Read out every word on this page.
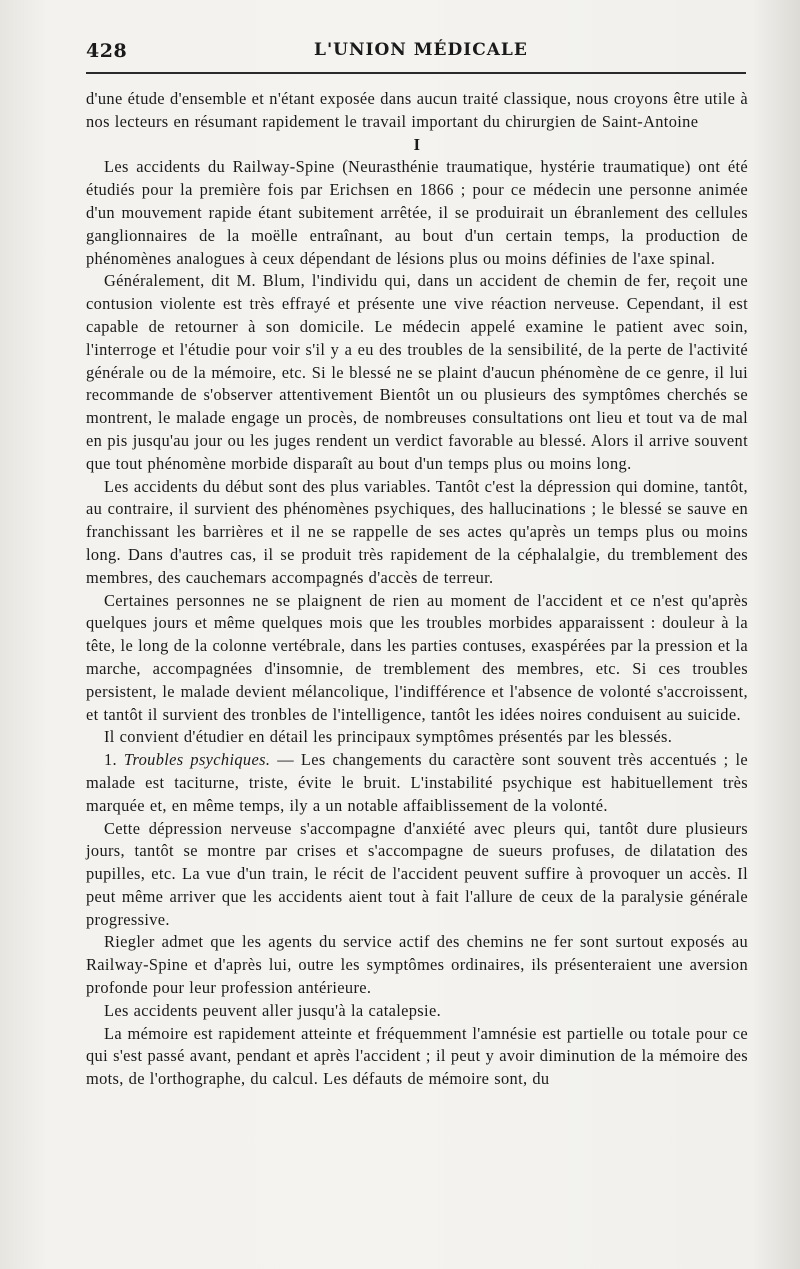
428	L'UNION MÉDICALE

d'une étude d'ensemble et n'étant exposée dans aucun traité classique, nous croyons être utile à nos lecteurs en résumant rapidement le travail important du chirurgien de Saint-Antoine

I

Les accidents du Railway-Spine (Neurasthénie traumatique, hystérie traumatique) ont été étudiés pour la première fois par Erichsen en 1866 ; pour ce médecin une personne animée d'un mouvement rapide étant subitement arrêtée, il se produirait un ébranlement des cellules ganglionnaires de la moëlle entraînant, au bout d'un certain temps, la production de phénomènes analogues à ceux dépendant de lésions plus ou moins définies de l'axe spinal.

Généralement, dit M. Blum, l'individu qui, dans un accident de chemin de fer, reçoit une contusion violente est très effrayé et présente une vive réaction nerveuse. Cependant, il est capable de retourner à son domicile. Le médecin appelé examine le patient avec soin, l'interroge et l'étudie pour voir s'il y a eu des troubles de la sensibilité, de la perte de l'activité générale ou de la mémoire, etc. Si le blessé ne se plaint d'aucun phénomène de ce genre, il lui recommande de s'observer attentivement Bientôt un ou plusieurs des symptômes cherchés se montrent, le malade engage un procès, de nombreuses consultations ont lieu et tout va de mal en pis jusqu'au jour ou les juges rendent un verdict favorable au blessé. Alors il arrive souvent que tout phénomène morbide disparaît au bout d'un temps plus ou moins long.

Les accidents du début sont des plus variables. Tantôt c'est la dépression qui domine, tantôt, au contraire, il survient des phénomènes psychiques, des hallucinations ; le blessé se sauve en franchissant les barrières et il ne se rappelle de ses actes qu'après un temps plus ou moins long. Dans d'autres cas, il se produit très rapidement de la céphalalgie, du tremblement des membres, des cauchemars accompagnés d'accès de terreur.

Certaines personnes ne se plaignent de rien au moment de l'accident et ce n'est qu'après quelques jours et même quelques mois que les troubles morbides apparaissent : douleur à la tête, le long de la colonne vertébrale, dans les parties contuses, exaspérées par la pression et la marche, accompagnées d'insomnie, de tremblement des membres, etc. Si ces troubles persistent, le malade devient mélancolique, l'indifférence et l'absence de volonté s'accroissent, et tantôt il survient des tronbles de l'intelligence, tantôt les idées noires conduisent au suicide.

Il convient d'étudier en détail les principaux symptômes présentés par les blessés.

1. Troubles psychiques. — Les changements du caractère sont souvent très accentués ; le malade est taciturne, triste, évite le bruit. L'instabilité psychique est habituellement très marquée et, en même temps, ily a un notable affaiblissement de la volonté.

Cette dépression nerveuse s'accompagne d'anxiété avec pleurs qui, tantôt dure plusieurs jours, tantôt se montre par crises et s'accompagne de sueurs profuses, de dilatation des pupilles, etc. La vue d'un train, le récit de l'accident peuvent suffire à provoquer un accès. Il peut même arriver que les accidents aient tout à fait l'allure de ceux de la paralysie générale progressive.

Riegler admet que les agents du service actif des chemins ne fer sont surtout exposés au Railway-Spine et d'après lui, outre les symptômes ordinaires, ils présenteraient une aversion profonde pour leur profession antérieure.

Les accidents peuvent aller jusqu'à la catalepsie.

La mémoire est rapidement atteinte et fréquemment l'amnésie est partielle ou totale pour ce qui s'est passé avant, pendant et après l'accident ; il peut y avoir diminution de la mémoire des mots, de l'orthographe, du calcul. Les défauts de mémoire sont, du
